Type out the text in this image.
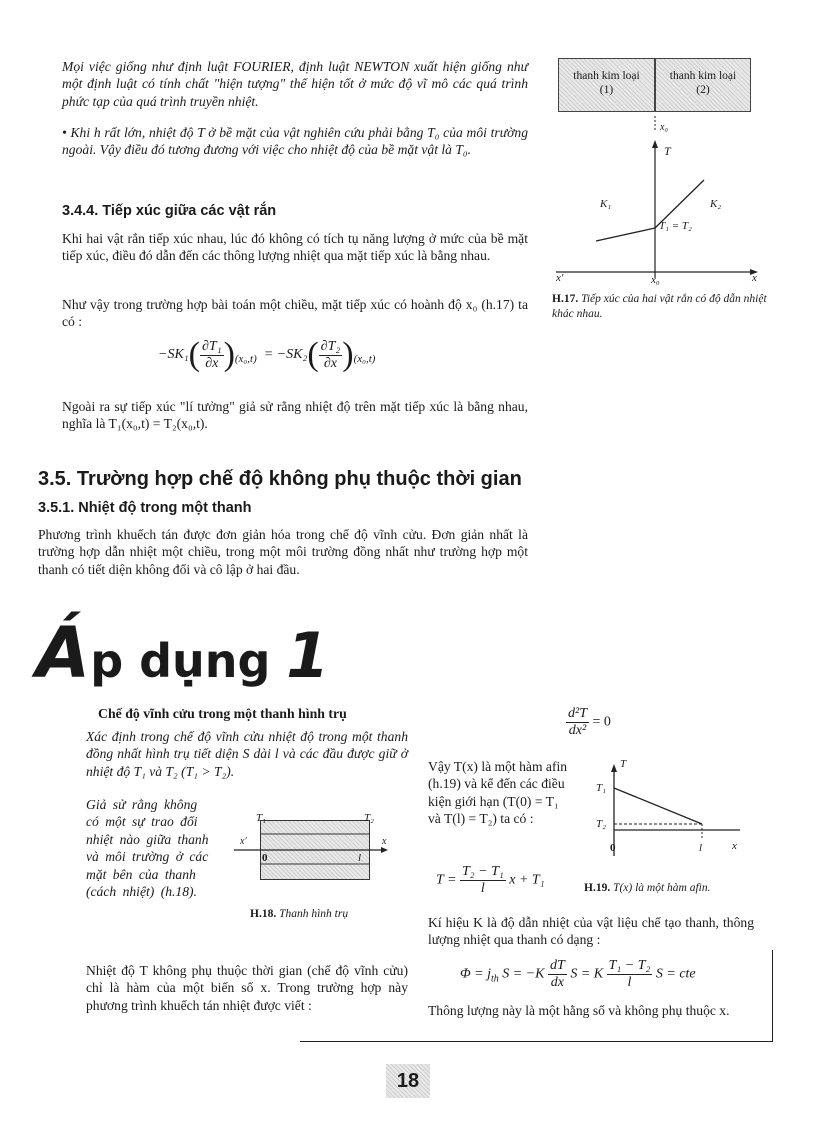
Mọi việc giống như định luật FOURIER, định luật NEWTON xuất hiện giống như một định luật có tính chất "hiện tượng" thể hiện tốt ở mức độ vĩ mô các quá trình phức tạp của quá trình truyền nhiệt.

• Khi h rất lớn, nhiệt độ T ở bề mặt của vật nghiên cứu phải bằng T₀ của môi trường ngoài. Vậy điều đó tương đương với việc cho nhiệt độ của bề mặt vật là T₀.

3.4.4. Tiếp xúc giữa các vật rắn

Khi hai vật rắn tiếp xúc nhau, lúc đó không có tích tụ năng lượng ở mức của bề mặt tiếp xúc, điều đó dẫn đến các thông lượng nhiệt qua mặt tiếp xúc là bằng nhau.

Như vậy trong trường hợp bài toán một chiều, mặt tiếp xúc có hoành độ x₀ (h.17) ta có :

$-SK_1( \frac{\text{∂T₁}}{\partial x} )_{(x_0,t)} = -SK_2( \frac{\text{∂T₂}}{\partial x} )_{(x_0,t)}$

Ngoài ra sự tiếp xúc "lí tưởng" giả sử rằng nhiệt độ trên mặt tiếp xúc là bằng nhau, nghĩa là T₁(x₀,t) = T₂(x₀,t).

thanh kim loại
(1)
thanh kim loại
(2)
x₀
T
K₁	K₂
T₁ = T₂
x′	x₀	x
H.17. Tiếp xúc của hai vật rắn có độ dẫn nhiệt khác nhau.
3.5. Trường hợp chế độ không phụ thuộc thời gian
3.5.1. Nhiệt độ trong một thanh

Phương trình khuếch tán được đơn giản hóa trong chế độ vĩnh cửu. Đơn giản nhất là trường hợp dẫn nhiệt một chiều, trong một môi trường đồng nhất như trường hợp một thanh có tiết diện không đổi và cô lập ở hai đầu.

Áp dụng 1
Chế độ vĩnh cửu trong một thanh hình trụ

Xác định trong chế độ vĩnh cửu nhiệt độ trong một thanh đồng nhất hình trụ tiết diện S dài l và các đầu được giữ ở nhiệt độ T₁ và T₂ (T₁ > T₂).

Giả sử rằng không có một sự trao đổi nhiệt nào giữa thanh và môi trường ở các mặt bên của thanh (cách nhiệt) (h.18).

T₁	T₂
x′	x
0	l
H.18. Thanh hình trụ

Nhiệt độ T không phụ thuộc thời gian (chế độ vĩnh cửu) chỉ là hàm của một biến số x. Trong trường hợp này phương trình khuếch tán nhiệt được viết :

$\frac{\text{d²T}}{\text{dx²}} = 0$

Vậy T(x) là một hàm afin (h.19) và kể đến các điều kiện giới hạn (T(0) = T₁ và T(l) = T₂) ta có :

T
T₁
T₂
0	l	x
$T = \frac{\text{T₂ − T₁}}{l}$ x + T₁
H.19. T(x) là một hàm afin.

Kí hiệu K là độ dẫn nhiệt của vật liệu chế tạo thanh, thông lượng nhiệt qua thanh có dạng :

$\Phi = j_{th}$ $S = -K \frac{dT}{dx}$ S = K $\frac{\text{T₁ − T₂}}{l}$ S = cte

Thông lượng này là một hằng số và không phụ thuộc x.

18
